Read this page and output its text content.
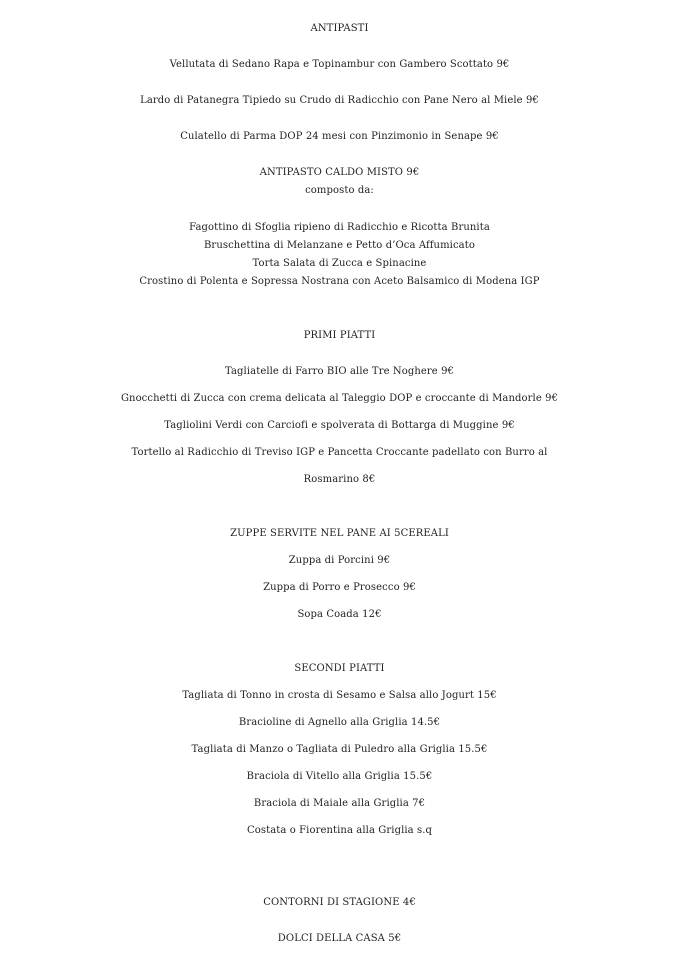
ANTIPASTI
Vellutata di Sedano Rapa e Topinambur con Gambero Scottato 9€
Lardo di Patanegra Tipiedo su Crudo di Radicchio con Pane Nero al Miele 9€
Culatello di Parma DOP 24 mesi con Pinzimonio in Senape 9€
ANTIPASTO CALDO MISTO 9€
composto da:
Fagottino di Sfoglia ripieno di Radicchio e Ricotta Brunita
Bruschettina di Melanzane e Petto d’Oca Affumicato
Torta Salata di Zucca e Spinacine
Crostino di Polenta e Sopressa Nostrana con Aceto Balsamico di Modena IGP
PRIMI PIATTI
Tagliatelle di Farro BIO alle Tre Noghere 9€
Gnocchetti di Zucca con crema delicata al Taleggio DOP e croccante di Mandorle 9€
Tagliolini Verdi con Carciofi e spolverata di Bottarga di Muggine 9€
Tortello al Radicchio di Treviso IGP e Pancetta Croccante padellato con Burro al
Rosmarino 8€
ZUPPE SERVITE NEL PANE AI 5CEREALI
Zuppa di Porcini 9€
Zuppa di Porro e Prosecco 9€
Sopa Coada 12€
SECONDI PIATTI
Tagliata di Tonno in crosta di Sesamo e Salsa allo Jogurt 15€
Bracioline di Agnello alla Griglia 14.5€
Tagliata di Manzo o Tagliata di Puledro alla Griglia 15.5€
Braciola di Vitello alla Griglia 15.5€
Braciola di Maiale alla Griglia 7€
Costata o Fiorentina alla Griglia s.q
CONTORNI DI STAGIONE 4€
DOLCI DELLA CASA 5€
